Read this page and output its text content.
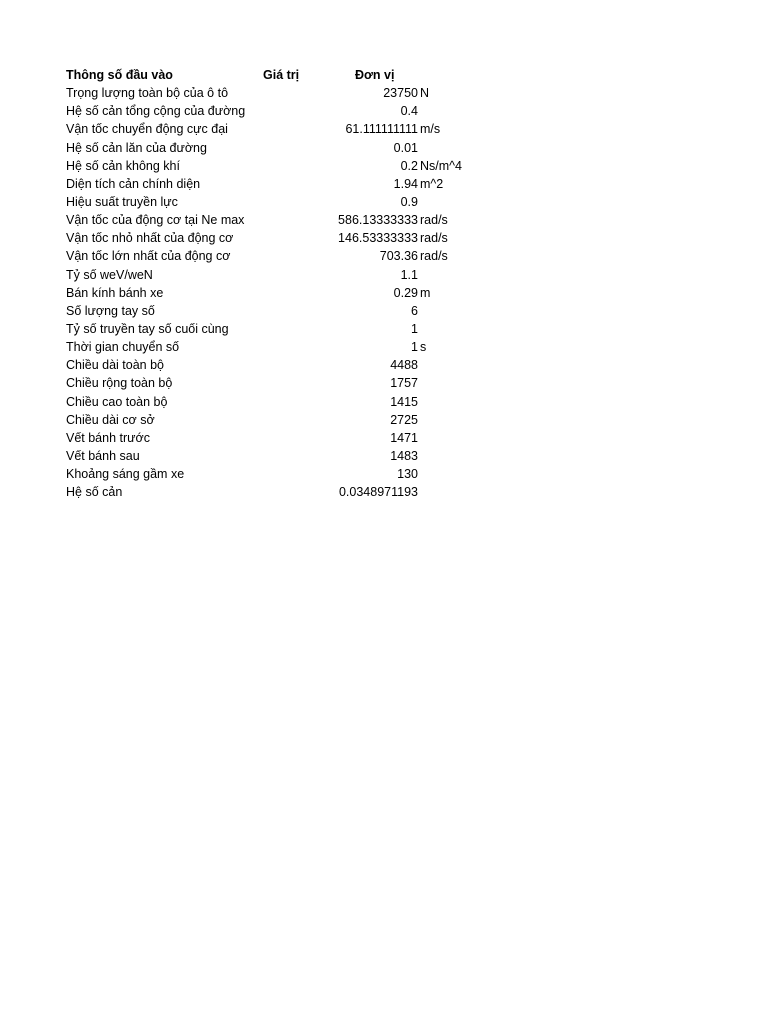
Thông số đầu vào	Giá trị	Đơn vị
Trọng lượng toàn bộ của ô tô	23750 N
Hệ số cản tổng cộng của đường	0.4
Vận tốc chuyển động cực đại	61.111111111 m/s
Hệ số cản lăn của đường	0.01
Hệ số cản không khí	0.2 Ns/m^4
Diện tích cản chính diện	1.94 m^2
Hiệu suất truyền lực	0.9
Vận tốc của động cơ tại Ne max	586.13333333 rad/s
Vận tốc nhỏ nhất của động cơ	146.53333333 rad/s
Vận tốc lớn nhất của động cơ	703.36 rad/s
Tỷ số weV/weN	1.1
Bán kính bánh xe	0.29 m
Số lượng tay số	6
Tỷ số truyền tay số cuối cùng	1
Thời gian chuyển số	1 s
Chiều dài toàn bộ	4488
Chiều rộng toàn bộ	1757
Chiều cao toàn bộ	1415
Chiều dài cơ sở	2725
Vết bánh trước	1471
Vết bánh sau	1483
Khoảng sáng gầm xe	130
Hệ số cản	0.0348971193
